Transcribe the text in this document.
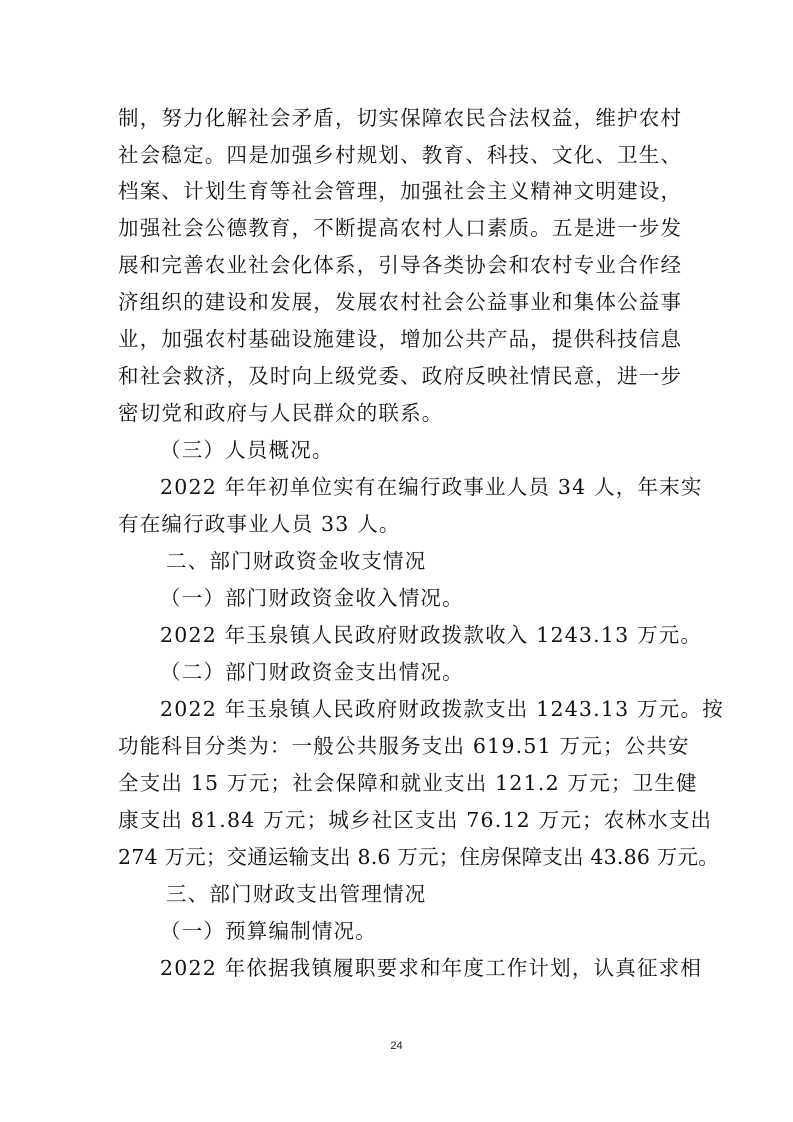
制，努力化解社会矛盾，切实保障农民合法权益，维护农村
社会稳定。四是加强乡村规划、教育、科技、文化、卫生、
档案、计划生育等社会管理，加强社会主义精神文明建设，
加强社会公德教育，不断提高农村人口素质。五是进一步发
展和完善农业社会化体系，引导各类协会和农村专业合作经
济组织的建设和发展，发展农村社会公益事业和集体公益事
业，加强农村基础设施建设，增加公共产品，提供科技信息
和社会救济，及时向上级党委、政府反映社情民意，进一步
密切党和政府与人民群众的联系。
（三）人员概况。
2022 年年初单位实有在编行政事业人员 34 人，年末实
有在编行政事业人员 33 人。
二、部门财政资金收支情况
（一）部门财政资金收入情况。
2022 年玉泉镇人民政府财政拨款收入 1243.13 万元。
（二）部门财政资金支出情况。
2022 年玉泉镇人民政府财政拨款支出 1243.13 万元。按
功能科目分类为：一般公共服务支出 619.51 万元；公共安
全支出 15 万元；社会保障和就业支出 121.2 万元；卫生健
康支出 81.84 万元；城乡社区支出 76.12 万元；农林水支出
274 万元；交通运输支出 8.6 万元；住房保障支出 43.86 万元。
三、部门财政支出管理情况
（一）预算编制情况。
2022 年依据我镇履职要求和年度工作计划，认真征求相
24
